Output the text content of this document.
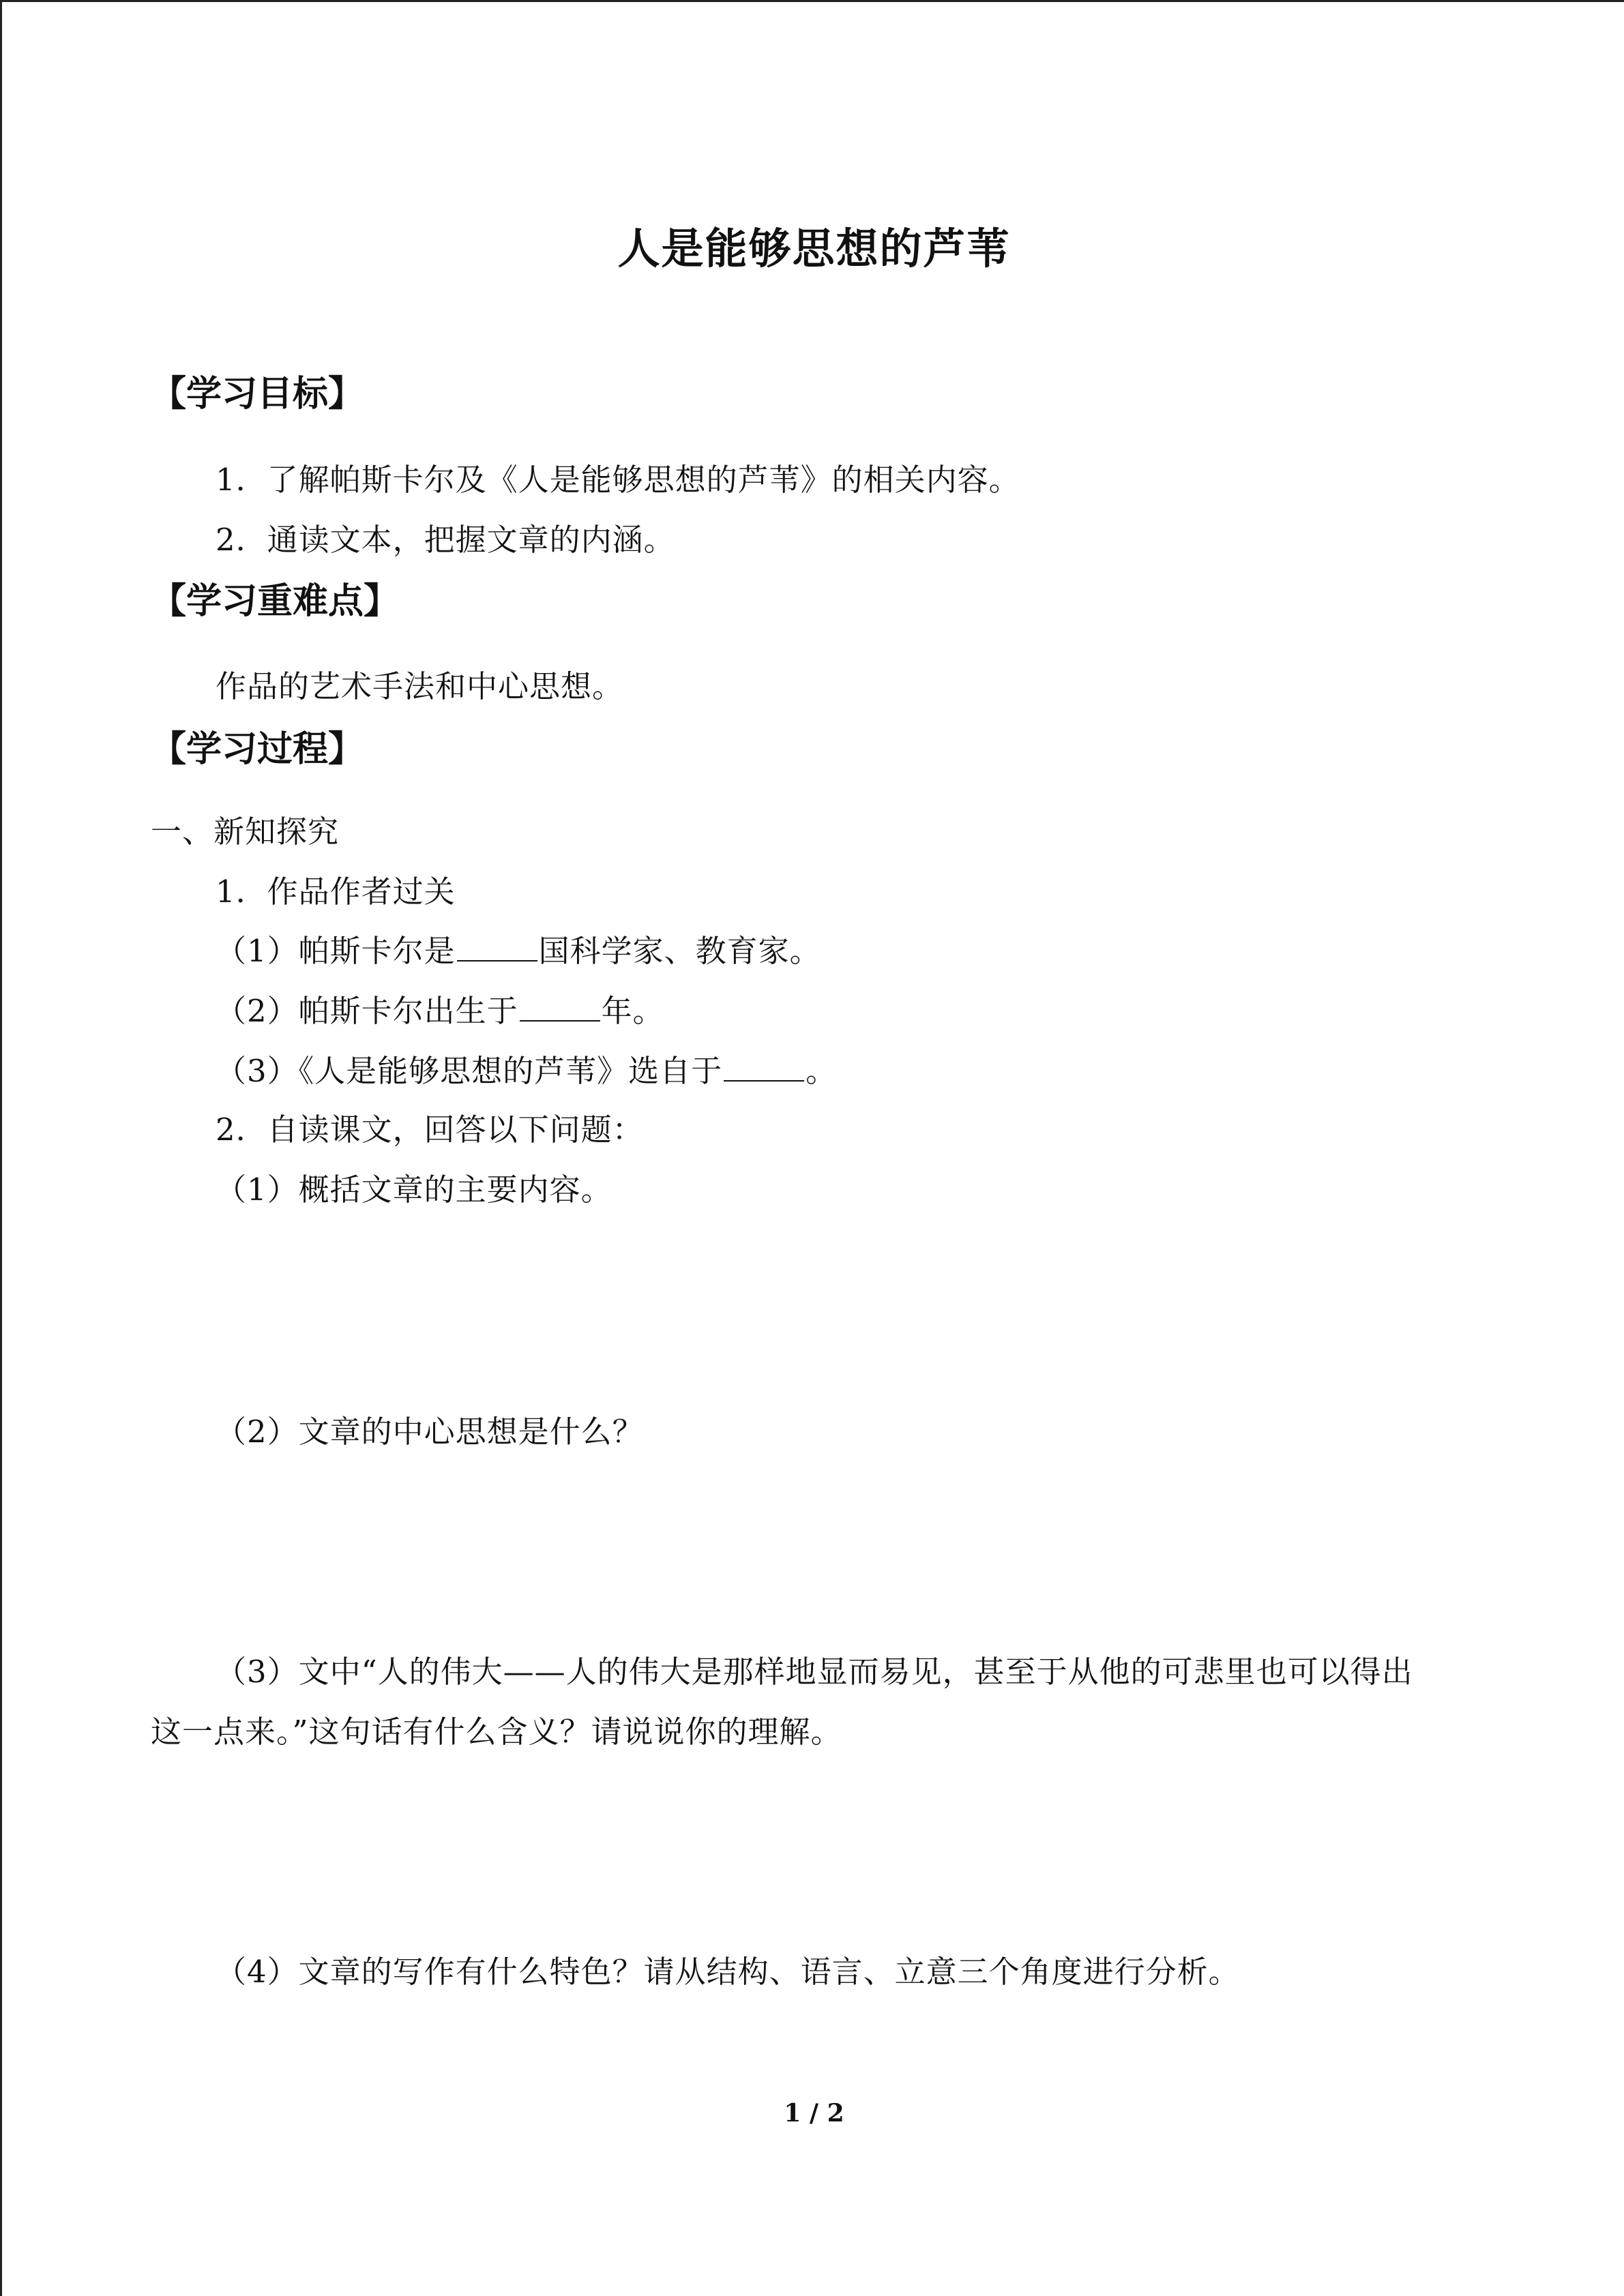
人是能够思想的芦苇
【学习目标】
1．了解帕斯卡尔及《人是能够思想的芦苇》的相关内容。
2．通读文本，把握文章的内涵。
【学习重难点】
作品的艺术手法和中心思想。
【学习过程】
一、新知探究
1．作品作者过关
（1）帕斯卡尔是	国科学家、教育家。
（2）帕斯卡尔出生于	年。
（3）《人是能够思想的芦苇》选自于	。
2．自读课文，回答以下问题：
（1）概括文章的主要内容。
（2）文章的中心思想是什么？
（3）文中“人的伟大——人的伟大是那样地显而易见，甚至于从他的可悲里也可以得出
这一点来。”这句话有什么含义？请说说你的理解。
（4）文章的写作有什么特色？请从结构、语言、立意三个角度进行分析。
1 / 2
